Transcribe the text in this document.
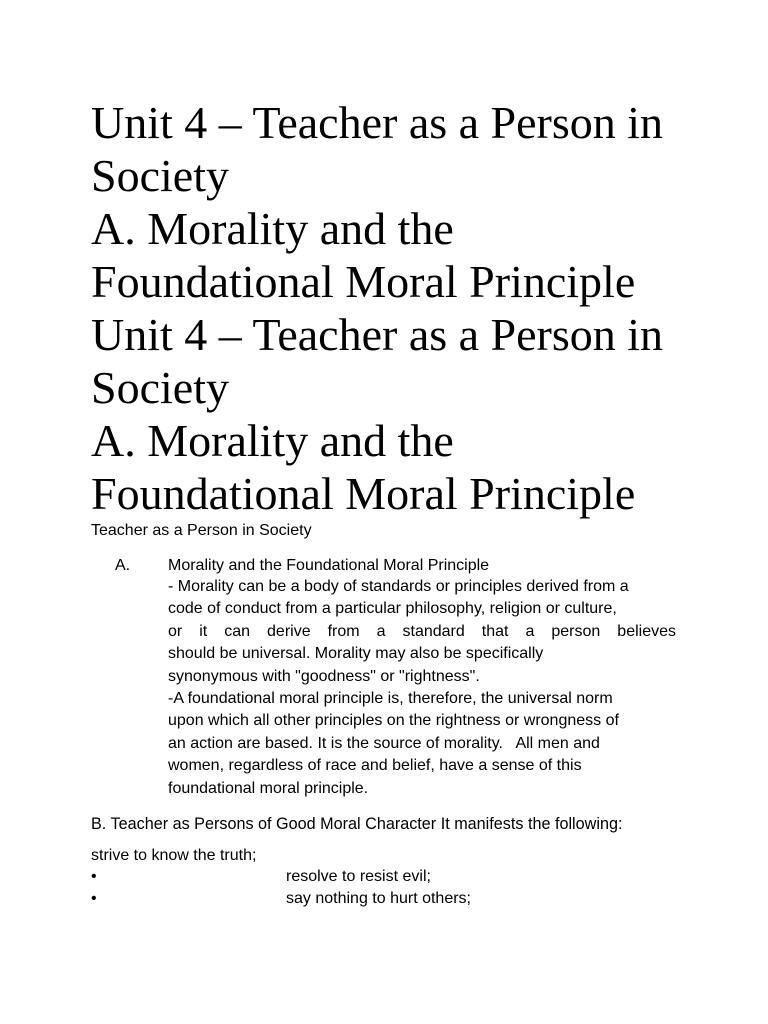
Unit 4 – Teacher as a Person in
Society
A. Morality and the
Foundational Moral Principle
Unit 4 – Teacher as a Person in
Society
A. Morality and the
Foundational Moral Principle

Teacher as a Person in Society

A. Morality and the Foundational Moral Principle

- Morality can be a body of standards or principles derived from a
code of conduct from a particular philosophy, religion or culture,
or it can derive from a standard that a person believes
should be universal. Morality may also be specifically
synonymous with "goodness" or "rightness".
-A foundational moral principle is, therefore, the universal norm
upon which all other principles on the rightness or wrongness of
an action are based. It is the source of morality.   All men and
women, regardless of race and belief, have a sense of this
foundational moral principle.

B. Teacher as Persons of Good Moral Character It manifests the following:

strive to know the truth;

•	resolve to resist evil;
•	say nothing to hurt others;
